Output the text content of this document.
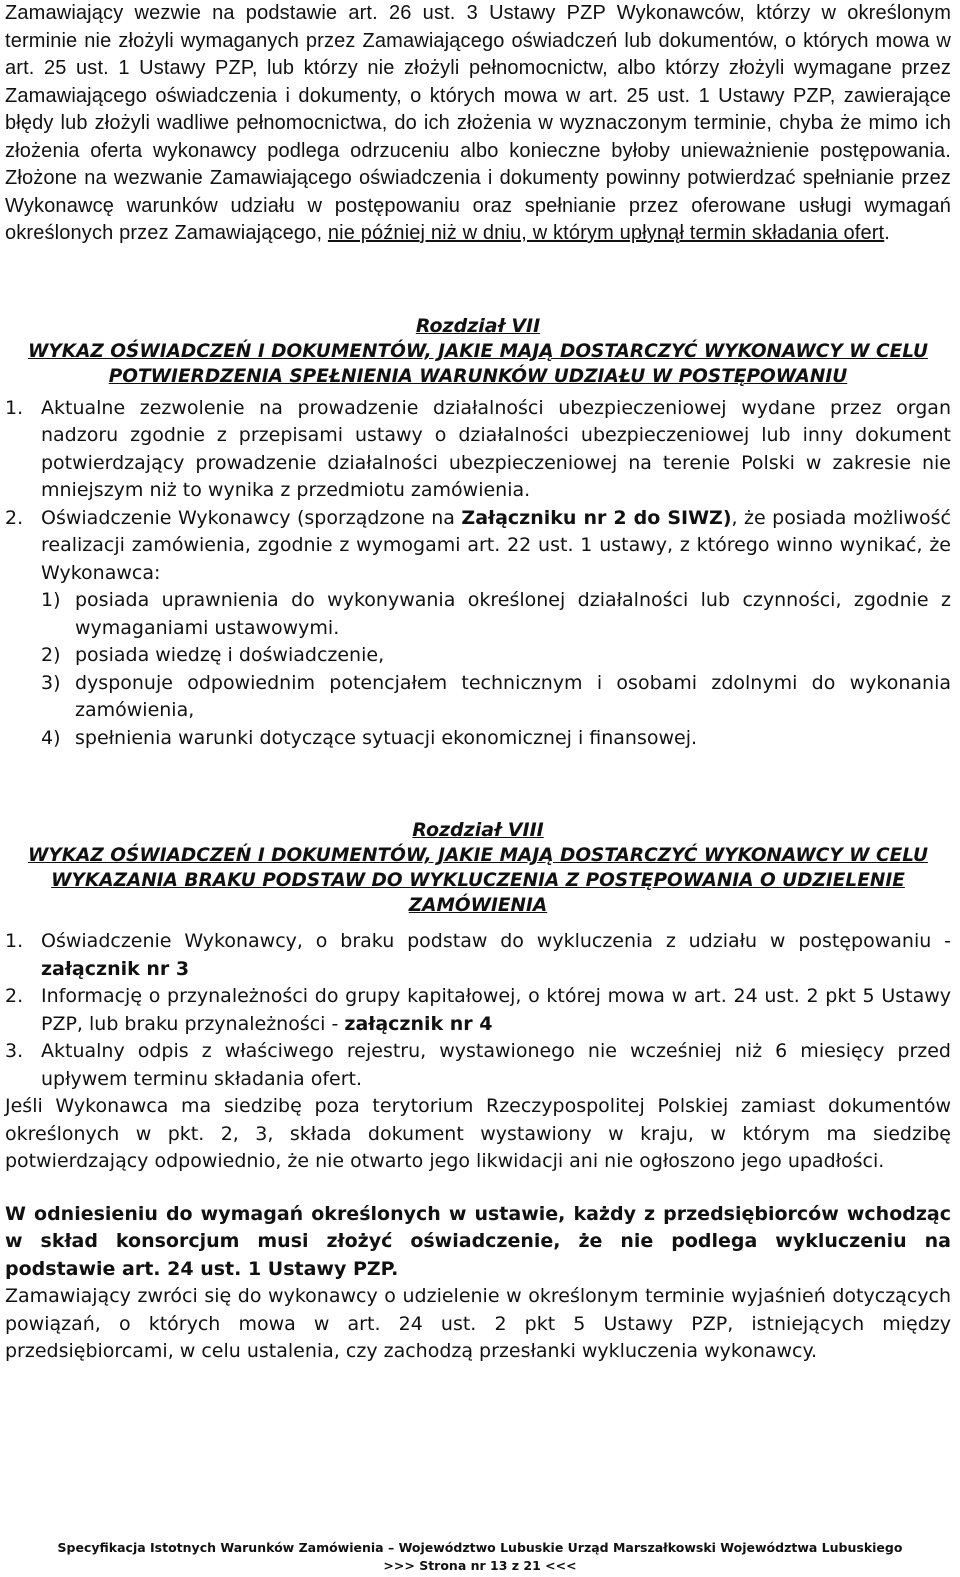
Zamawiający wezwie na podstawie art. 26 ust. 3 Ustawy PZP Wykonawców, którzy w określonym terminie nie złożyli wymaganych przez Zamawiającego oświadczeń lub dokumentów, o których mowa w art. 25 ust. 1 Ustawy PZP, lub którzy nie złożyli pełnomocnictw, albo którzy złożyli wymagane przez Zamawiającego oświadczenia i dokumenty, o których mowa w art. 25 ust. 1 Ustawy PZP, zawierające błędy lub złożyli wadliwe pełnomocnictwa, do ich złożenia w wyznaczonym terminie, chyba że mimo ich złożenia oferta wykonawcy podlega odrzuceniu albo konieczne byłoby unieważnienie postępowania. Złożone na wezwanie Zamawiającego oświadczenia i dokumenty powinny potwierdzać spełnianie przez Wykonawcę warunków udziału w postępowaniu oraz spełnianie przez oferowane usługi wymagań określonych przez Zamawiającego, nie później niż w dniu, w którym upłynął termin składania ofert.

Rozdział VII

WYKAZ OŚWIADCZEŃ I DOKUMENTÓW, JAKIE MAJĄ DOSTARCZYĆ WYKONAWCY W CELU POTWIERDZENIA SPEŁNIENIA WARUNKÓW UDZIAŁU W POSTĘPOWANIU

1. Aktualne zezwolenie na prowadzenie działalności ubezpieczeniowej wydane przez organ nadzoru zgodnie z przepisami ustawy o działalności ubezpieczeniowej lub inny dokument potwierdzający prowadzenie działalności ubezpieczeniowej na terenie Polski w zakresie nie mniejszym niż to wynika z przedmiotu zamówienia.
2. Oświadczenie Wykonawcy (sporządzone na Załączniku nr 2 do SIWZ), że posiada możliwość realizacji zamówienia, zgodnie z wymogami art. 22 ust. 1 ustawy, z którego winno wynikać, że Wykonawca:
1) posiada uprawnienia do wykonywania określonej działalności lub czynności, zgodnie z wymaganiami ustawowymi.
2) posiada wiedzę i doświadczenie,
3) dysponuje odpowiednim potencjałem technicznym i osobami zdolnymi do wykonania zamówienia,
4) spełnienia warunki dotyczące sytuacji ekonomicznej i finansowej.

Rozdział VIII

WYKAZ OŚWIADCZEŃ I DOKUMENTÓW, JAKIE MAJĄ DOSTARCZYĆ WYKONAWCY W CELU WYKAZANIA BRAKU PODSTAW DO WYKLUCZENIA Z POSTĘPOWANIA O UDZIELENIE ZAMÓWIENIA

1. Oświadczenie Wykonawcy, o braku podstaw do wykluczenia z udziału w postępowaniu - załącznik nr 3
2. Informację o przynależności do grupy kapitałowej, o której mowa w art. 24 ust. 2 pkt 5 Ustawy PZP, lub braku przynależności - załącznik nr 4
3. Aktualny odpis z właściwego rejestru, wystawionego nie wcześniej niż 6 miesięcy przed upływem terminu składania ofert.

Jeśli Wykonawca ma siedzibę poza terytorium Rzeczypospolitej Polskiej zamiast dokumentów określonych w pkt. 2, 3, składa dokument wystawiony w kraju, w którym ma siedzibę potwierdzający odpowiednio, że nie otwarto jego likwidacji ani nie ogłoszono jego upadłości.

W odniesieniu do wymagań określonych w ustawie, każdy z przedsiębiorców wchodząc w skład konsorcjum musi złożyć oświadczenie, że nie podlega wykluczeniu na podstawie art. 24 ust. 1 Ustawy PZP.

Zamawiający zwróci się do wykonawcy o udzielenie w określonym terminie wyjaśnień dotyczących powiązań, o których mowa w art. 24 ust. 2 pkt 5 Ustawy PZP, istniejących między przedsiębiorcami, w celu ustalenia, czy zachodzą przesłanki wykluczenia wykonawcy.

Specyfikacja Istotnych Warunków Zamówienia – Województwo Lubuskie Urząd Marszałkowski Województwa Lubuskiego
>>> Strona nr 13 z 21 <<<
